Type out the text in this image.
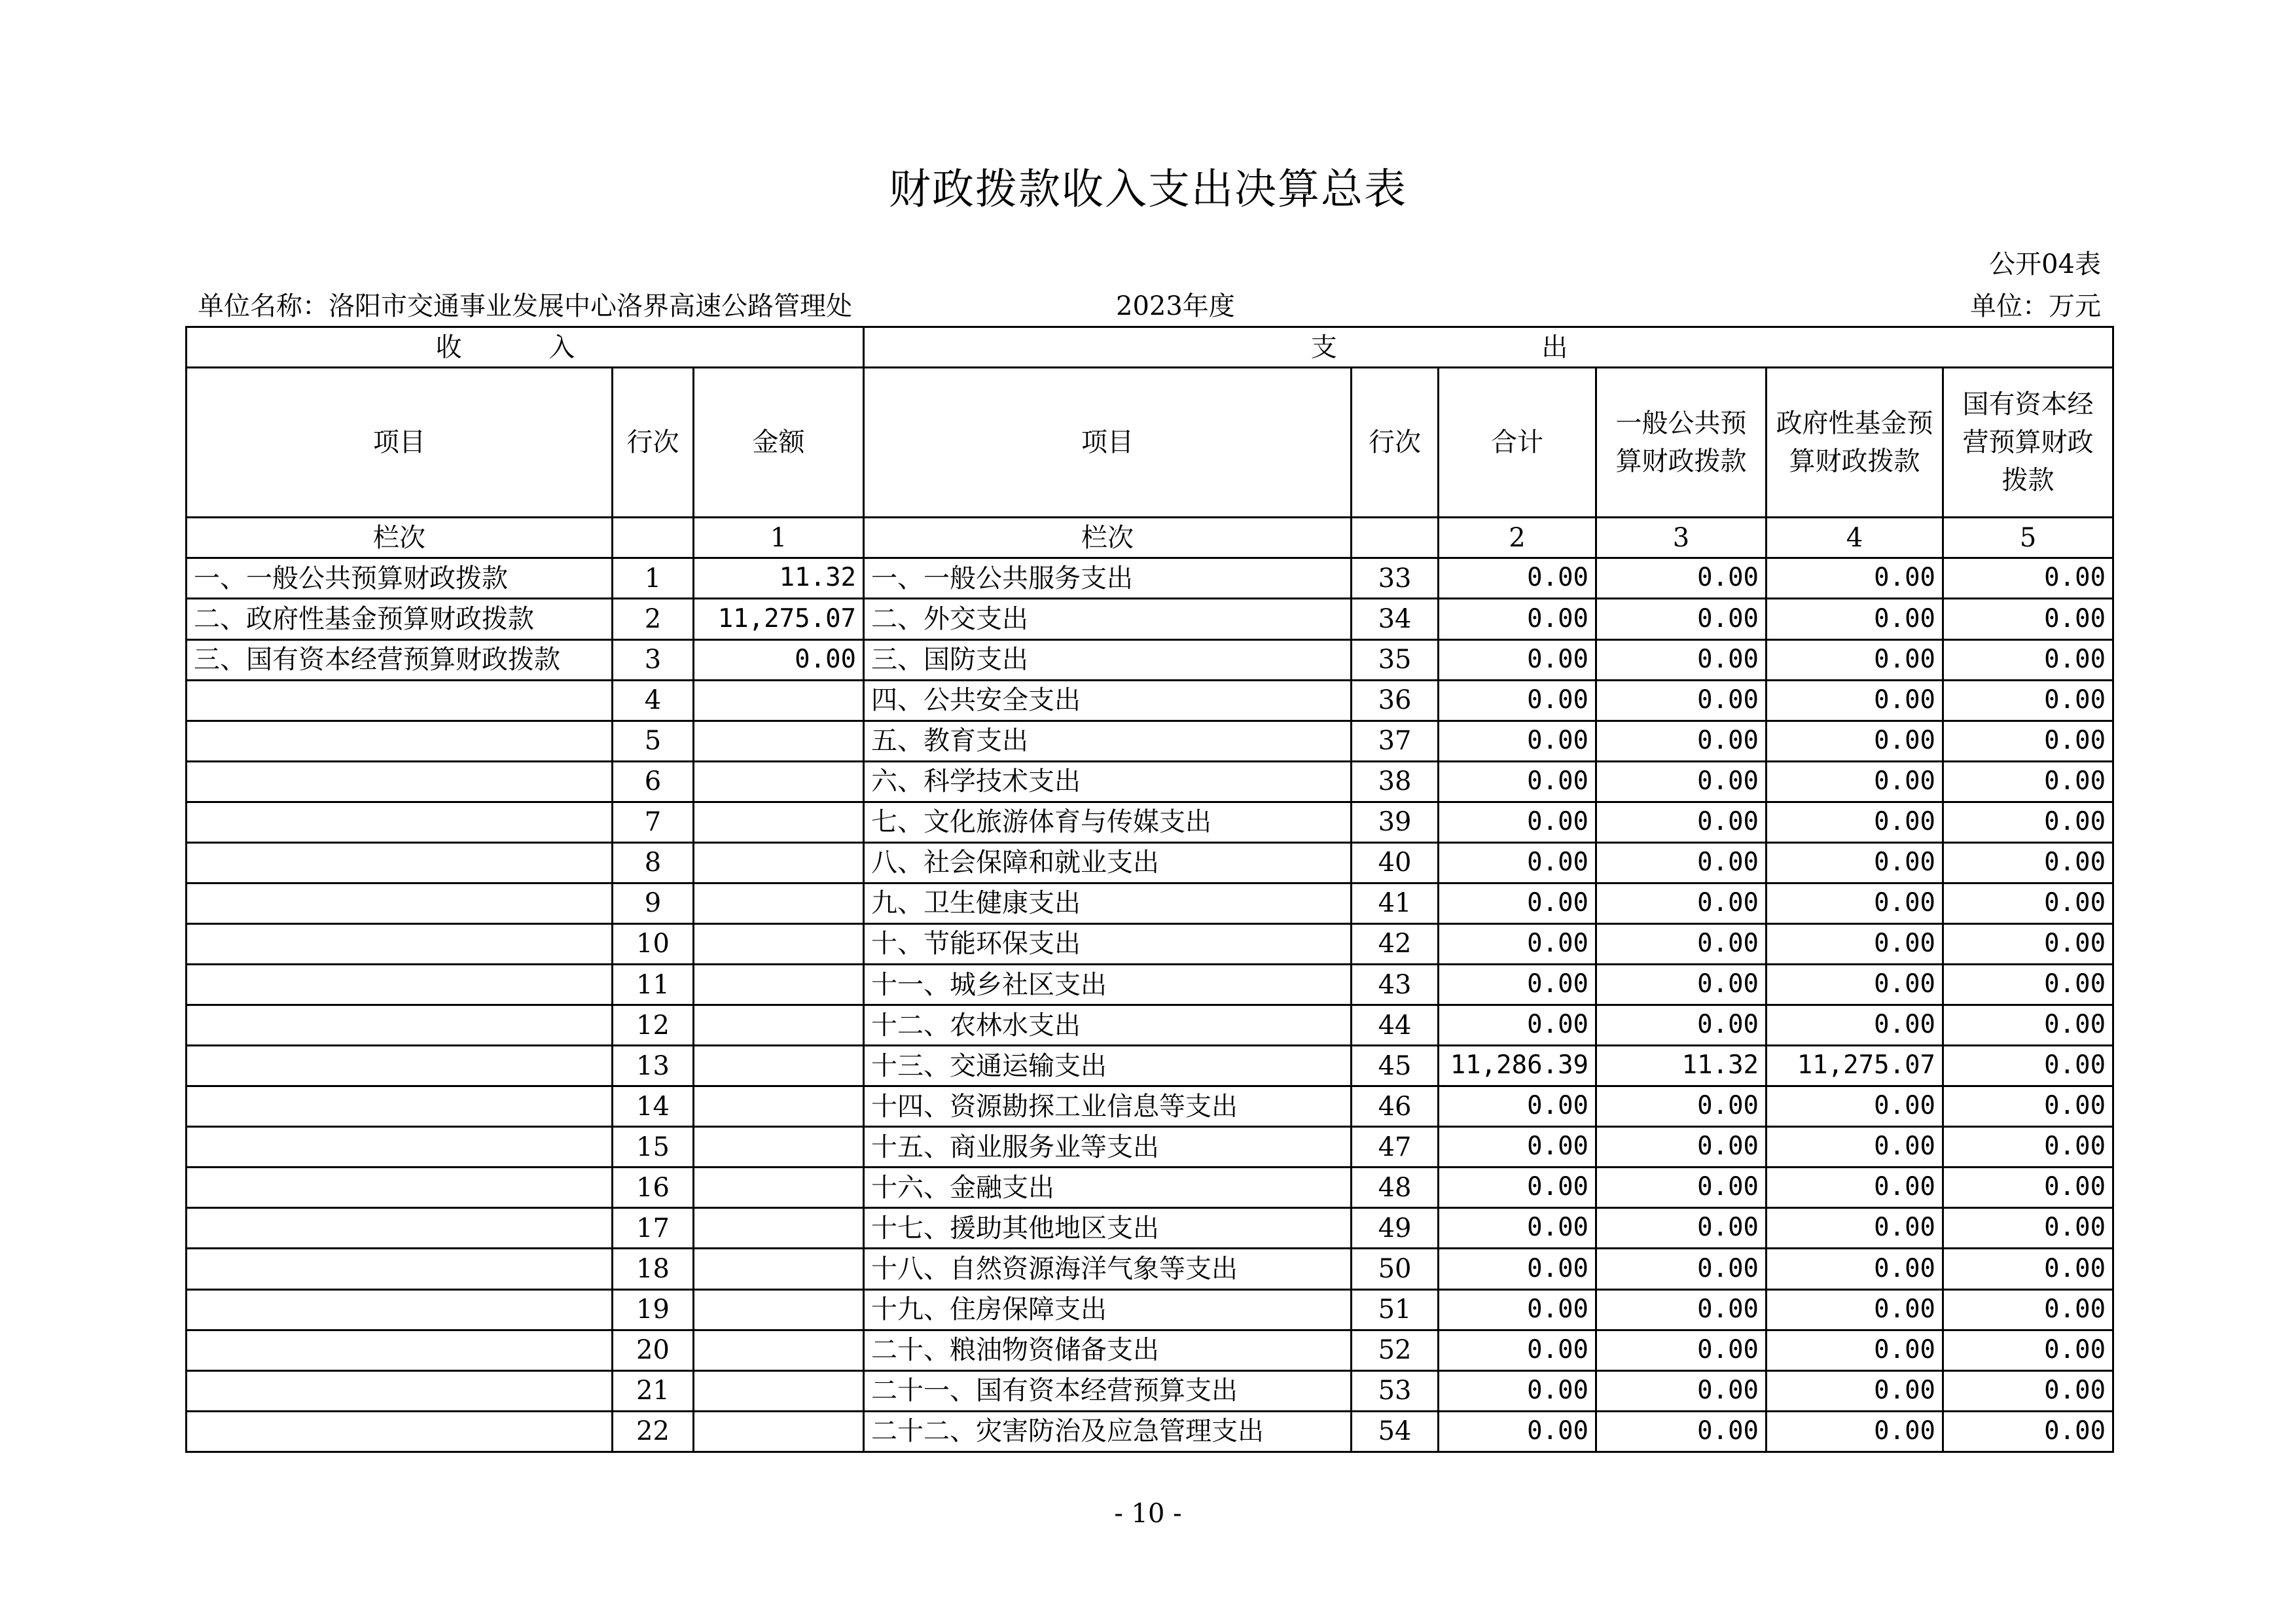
财政拨款收入支出决算总表
公开04表
单位名称：洛阳市交通事业发展中心洛界高速公路管理处	2023年度	单位：万元
收 入			支 出					
项目	行次	金额	项目	行次	合计	一般公共预算财政拨款	政府性基金预算财政拨款	国有资本经营预算财政拨款
栏次		1	栏次		2	3	4	5
一、一般公共预算财政拨款	1	11.32	一、一般公共服务支出	33	0.00	0.00	0.00	0.00
二、政府性基金预算财政拨款	2	11,275.07	二、外交支出	34	0.00	0.00	0.00	0.00
三、国有资本经营预算财政拨款	3	0.00	三、国防支出	35	0.00	0.00	0.00	0.00
	4		四、公共安全支出	36	0.00	0.00	0.00	0.00
	5		五、教育支出	37	0.00	0.00	0.00	0.00
	6		六、科学技术支出	38	0.00	0.00	0.00	0.00
	7		七、文化旅游体育与传媒支出	39	0.00	0.00	0.00	0.00
	8		八、社会保障和就业支出	40	0.00	0.00	0.00	0.00
	9		九、卫生健康支出	41	0.00	0.00	0.00	0.00
	10		十、节能环保支出	42	0.00	0.00	0.00	0.00
	11		十一、城乡社区支出	43	0.00	0.00	0.00	0.00
	12		十二、农林水支出	44	0.00	0.00	0.00	0.00
	13		十三、交通运输支出	45	11,286.39	11.32	11,275.07	0.00
	14		十四、资源勘探工业信息等支出	46	0.00	0.00	0.00	0.00
	15		十五、商业服务业等支出	47	0.00	0.00	0.00	0.00
	16		十六、金融支出	48	0.00	0.00	0.00	0.00
	17		十七、援助其他地区支出	49	0.00	0.00	0.00	0.00
	18		十八、自然资源海洋气象等支出	50	0.00	0.00	0.00	0.00
	19		十九、住房保障支出	51	0.00	0.00	0.00	0.00
	20		二十、粮油物资储备支出	52	0.00	0.00	0.00	0.00
	21		二十一、国有资本经营预算支出	53	0.00	0.00	0.00	0.00
	22		二十二、灾害防治及应急管理支出	54	0.00	0.00	0.00	0.00
- 10 -
